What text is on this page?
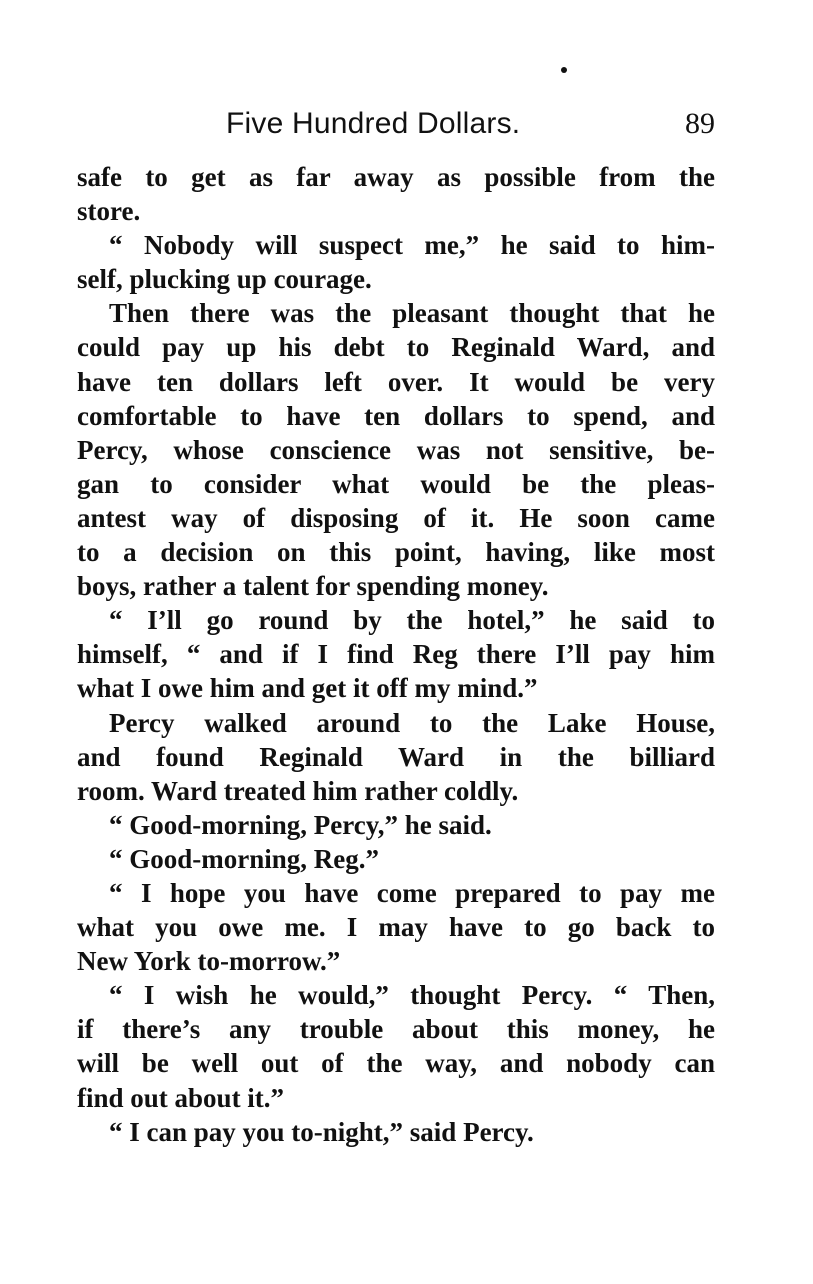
Five Hundred Dollars.	89

safe to get as far away as possible from the
store.

“ Nobody will suspect me,” he said to him-
self, plucking up courage.

Then there was the pleasant thought that he
could pay up his debt to Reginald Ward, and
have ten dollars left over. It would be very
comfortable to have ten dollars to spend, and
Percy, whose conscience was not sensitive, be-
gan to consider what would be the pleas-
antest way of disposing of it. He soon came
to a decision on this point, having, like most
boys, rather a talent for spending money.

“ I’ll go round by the hotel,” he said to
himself, “ and if I find Reg there I’ll pay him
what I owe him and get it off my mind.”

Percy walked around to the Lake House,
and found Reginald Ward in the billiard
room. Ward treated him rather coldly.

“ Good-morning, Percy,” he said.

“ Good-morning, Reg.”

“ I hope you have come prepared to pay me
what you owe me. I may have to go back to
New York to-morrow.”

“ I wish he would,” thought Percy. “ Then,
if there’s any trouble about this money, he
will be well out of the way, and nobody can
find out about it.”

“ I can pay you to-night,” said Percy.
